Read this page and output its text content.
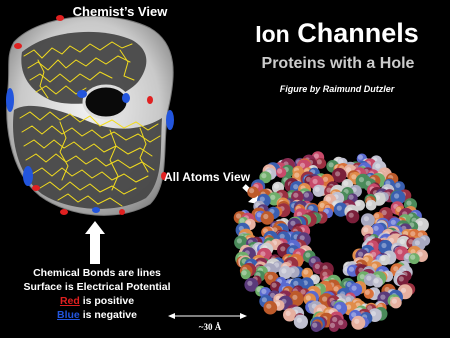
Chemist’s View
Ion Channels
Proteins with a Hole
Figure by Raimund Dutzler
All Atoms View
Chemical Bonds are lines
Surface is Electrical Potential
Red is positive
Blue is negative
~30 Å
